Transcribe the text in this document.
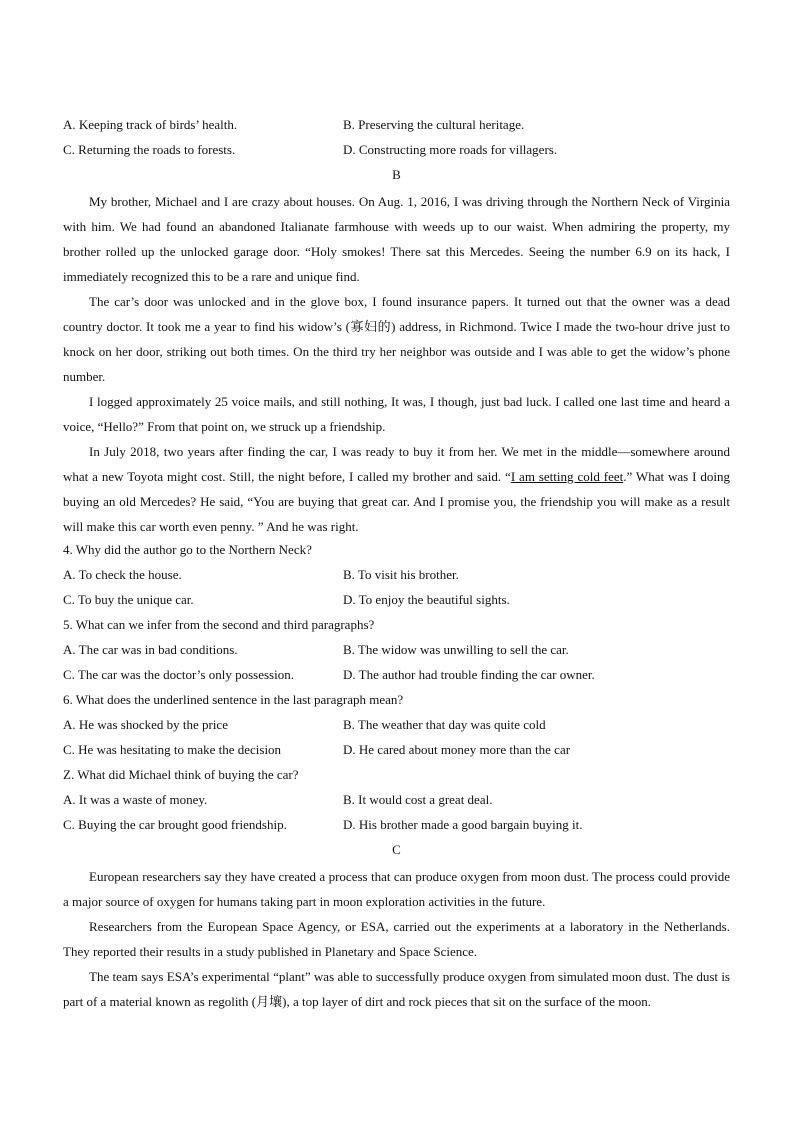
A. Keeping track of birds’ health.	B. Preserving the cultural heritage.
C. Returning the roads to forests.	D. Constructing more roads for villagers.
B

My brother, Michael and I are crazy about houses. On Aug. 1, 2016, I was driving through the Northern Neck of Virginia with him. We had found an abandoned Italianate farmhouse with weeds up to our waist. When admiring the property, my brother rolled up the unlocked garage door. “Holy smokes! There sat this Mercedes. Seeing the number 6.9 on its hack, I immediately recognized this to be a rare and unique find.

The car’s door was unlocked and in the glove box, I found insurance papers. It turned out that the owner was a dead country doctor. It took me a year to find his widow’s (寡妇的) address, in Richmond. Twice I made the two-hour drive just to knock on her door, striking out both times. On the third try her neighbor was outside and I was able to get the widow’s phone number.

I logged approximately 25 voice mails, and still nothing, It was, I though, just bad luck. I called one last time and heard a voice, “Hello?” From that point on, we struck up a friendship.

In July 2018, two years after finding the car, I was ready to buy it from her. We met in the middle—somewhere around what a new Toyota might cost. Still, the night before, I called my brother and said. “I am setting cold feet.” What was I doing buying an old Mercedes? He said, “You are buying that great car. And I promise you, the friendship you will make as a result will make this car worth even penny. ” And he was right.

4. Why did the author go to the Northern Neck?
A. To check the house.	B. To visit his brother.
C. To buy the unique car.	D. To enjoy the beautiful sights.
5. What can we infer from the second and third paragraphs?
A. The car was in bad conditions.	B. The widow was unwilling to sell the car.
C. The car was the doctor’s only possession.	D. The author had trouble finding the car owner.
6. What does the underlined sentence in the last paragraph mean?
A. He was shocked by the price	B. The weather that day was quite cold
C. He was hesitating to make the decision	D. He cared about money more than the car
Z. What did Michael think of buying the car?
A. It was a waste of money.	B. It would cost a great deal.
C. Buying the car brought good friendship.	D. His brother made a good bargain buying it.
C

European researchers say they have created a process that can produce oxygen from moon dust. The process could provide a major source of oxygen for humans taking part in moon exploration activities in the future.

Researchers from the European Space Agency, or ESA, carried out the experiments at a laboratory in the Netherlands. They reported their results in a study published in Planetary and Space Science.

The team says ESA’s experimental “plant” was able to successfully produce oxygen from simulated moon dust. The dust is part of a material known as regolith (月壤), a top layer of dirt and rock pieces that sit on the surface of the moon.
